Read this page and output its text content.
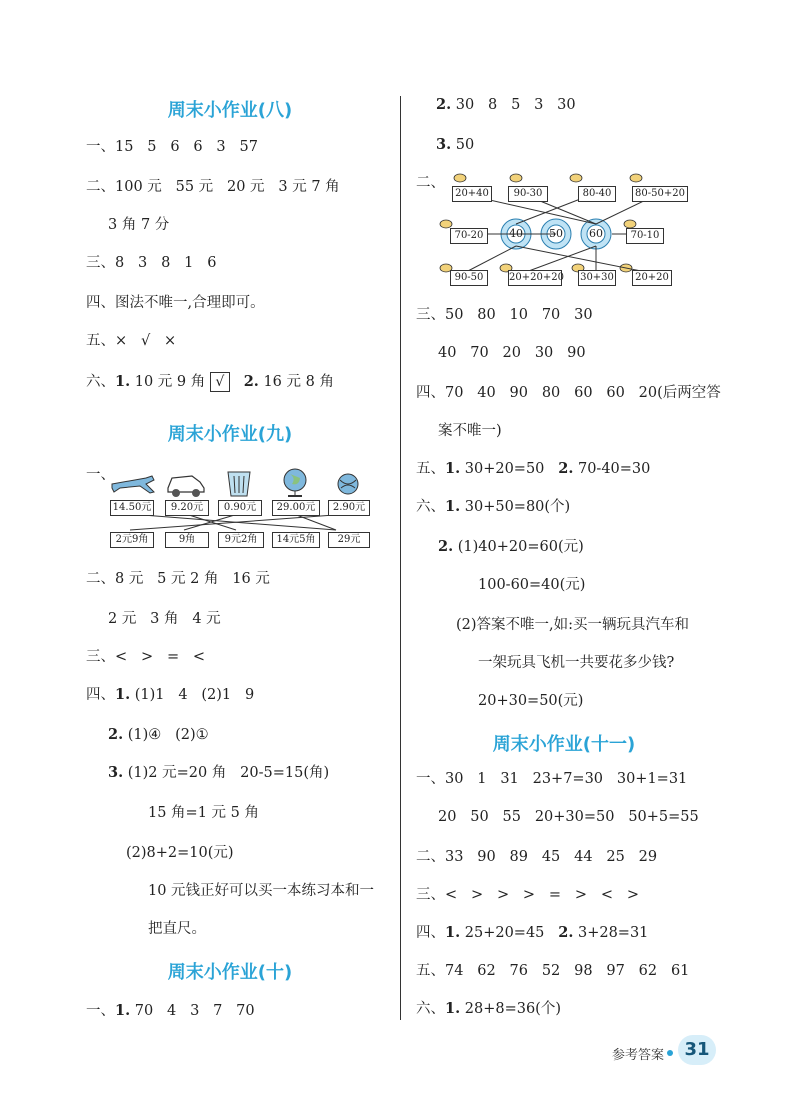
周末小作业(八)
一、15   5   6   6   3   57
二、100 元   55 元   20 元   3 元 7 角
3 角 7 分
三、8   3   8   1   6
四、图法不唯一,合理即可。
五、×   √   ×
六、1. 10 元 9 角 √ 2. 16 元 8 角
周末小作业(九)
一、
14.50元	9.20元	0.90元	29.00元	2.90元
2元9角	9角	9元2角	14元5角	29元
二、8 元   5 元 2 角   16 元
2 元   3 角   4 元
三、<   >   =   <
四、1. (1)1   4   (2)1   9
2. (1)④   (2)①
3. (1)2 元=20 角   20-5=15(角)
15 角=1 元 5 角
(2)8+2=10(元)
10 元钱正好可以买一本练习本和一
把直尺。
周末小作业(十)
一、1. 70   4   3   7   70
2. 30   8   5   3   30
3. 50
二、
20+40	90-30	80-40	80-50+20
70-20	70-10
40 50 60
90-50	20+20+20 30+30	20+20
三、50   80   10   70   30
40   70   20   30   90
四、70   40   90   80   60   60   20(后两空答
案不唯一)
五、1. 30+20=50   2. 70-40=30
六、1. 30+50=80(个)
2. (1)40+20=60(元)
100-60=40(元)
(2)答案不唯一,如:买一辆玩具汽车和
一架玩具飞机一共要花多少钱?
20+30=50(元)
周末小作业(十一)
一、30   1   31   23+7=30   30+1=31
20   50   55   20+30=50   50+5=55
二、33   90   89   45   44   25   29
三、<   >   >   >   =   >   <   >
四、1. 25+20=45   2. 3+28=31
五、74   62   76   52   98   97   62   61
六、1. 28+8=36(个)
参考答案	31
